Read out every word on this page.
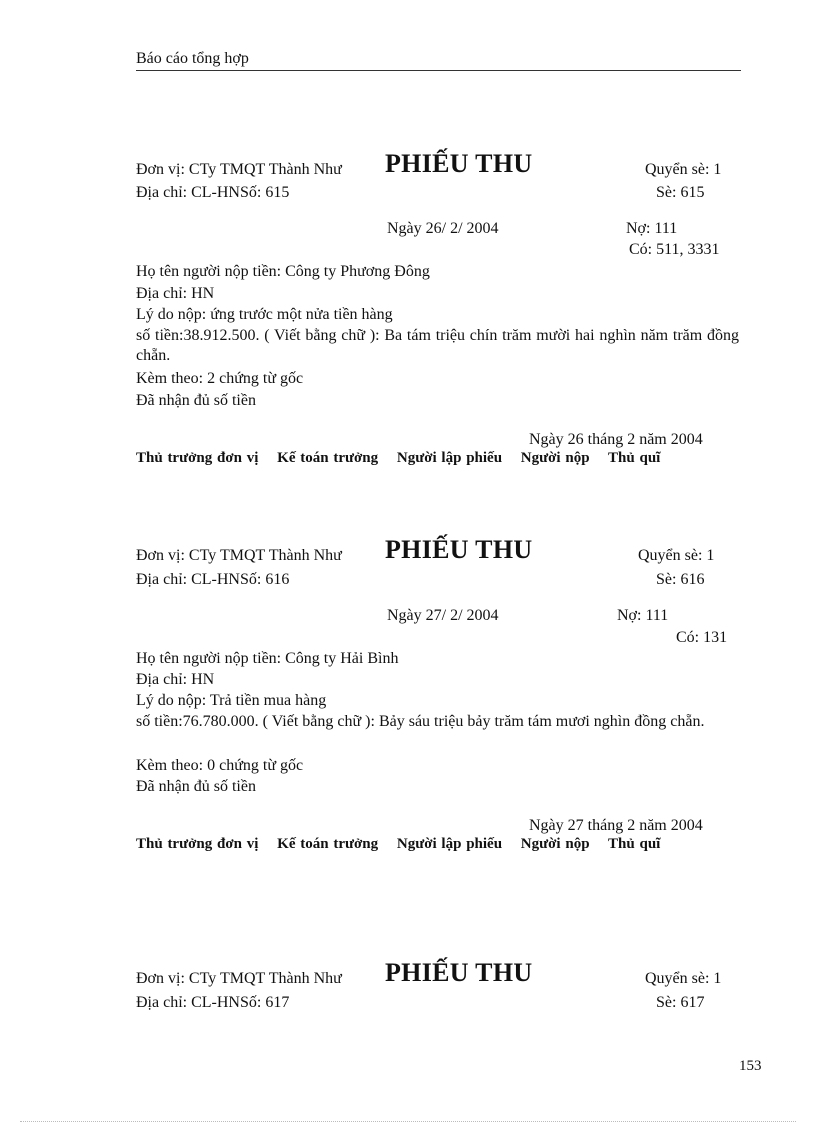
Báo cáo tổng hợp
Đơn vị: CTy TMQT Thành Như PHIẾU THU	Quyển sè: 1
Địa chỉ: CL-HNSố: 615	Sè: 615
Ngày 26/ 2/ 2004	Nợ: 111
Có: 511, 3331
Họ tên người nộp tiền: Công ty Phương Đông
Địa chỉ: HN
Lý do nộp: ứng trước một nửa tiền hàng
số tiền:38.912.500. ( Viết bằng chữ ): Ba tám triệu chín trăm mười hai nghìn năm trăm đồng chẵn.
Kèm theo: 2 chứng từ gốc
Đã nhận đủ số tiền
Ngày 26 tháng 2 năm 2004
Thủ trưởng đơn vị Kế toán trưởng Người lập phiếu Người nộp Thủ quĩ
Đơn vị: CTy TMQT Thành Như PHIẾU THU	Quyển sè: 1
Địa chỉ: CL-HNSố: 616	Sè: 616
Ngày 27/ 2/ 2004	Nợ: 111
Có: 131
Họ tên người nộp tiền: Công ty Hải Bình
Địa chỉ: HN
Lý do nộp: Trả tiền mua hàng
số tiền:76.780.000. ( Viết bằng chữ ): Bảy sáu triệu bảy trăm tám mươi nghìn đồng chẵn.
Kèm theo: 0 chứng từ gốc
Đã nhận đủ số tiền
Ngày 27 tháng 2 năm 2004
Thủ trưởng đơn vị Kế toán trưởng Người lập phiếu Người nộp Thủ quĩ
Đơn vị: CTy TMQT Thành Như PHIẾU THU	Quyển sè: 1
Địa chỉ: CL-HNSố: 617	Sè: 617
153
